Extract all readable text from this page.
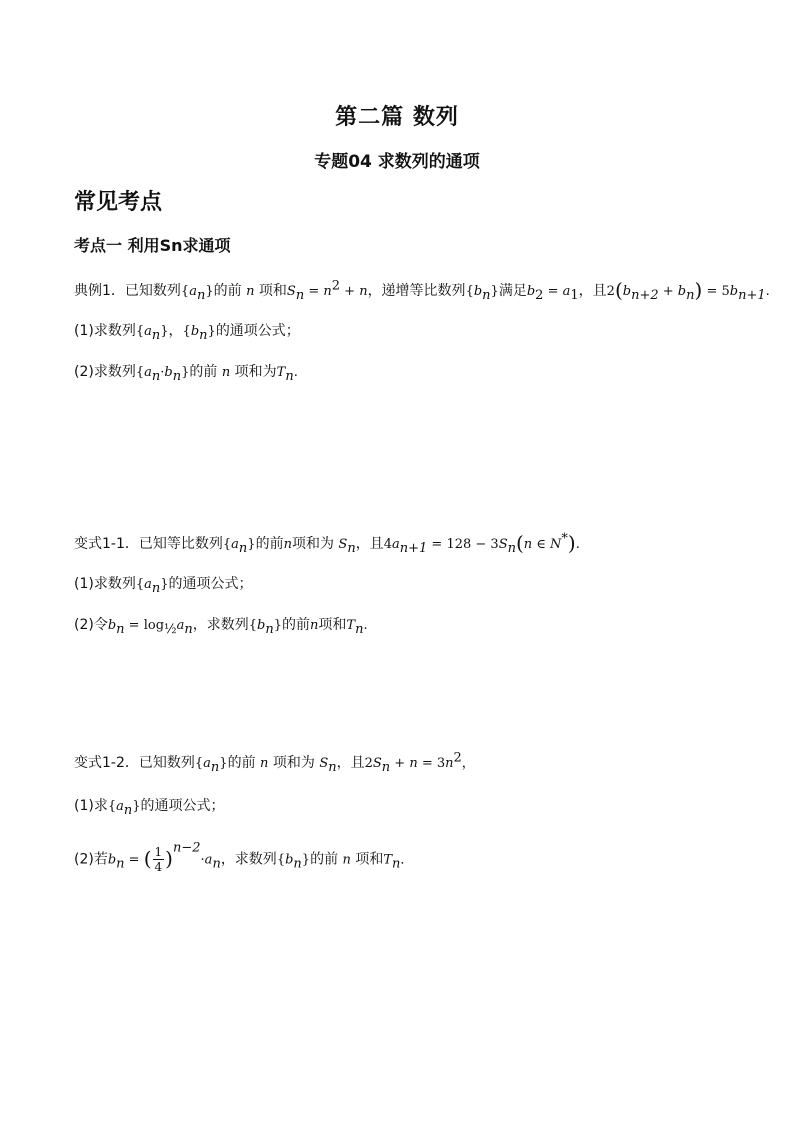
第二篇 数列
专题04 求数列的通项
常见考点
考点一 利用Sn求通项
典例1．已知数列$\{a_n\}$的前 n 项和$S_n = n^2 + n$，递增等比数列$\{b_n\}$满足$b_2 = a_1$，且$2(b_{n+2} + b_n) = 5b_{n+1}$.
(1)求数列$\{a_n\}$，$\{b_n\}$的通项公式；
(2)求数列$\{a_n\cdot b_n\}$的前 n 项和为$T_n$.
变式1-1．已知等比数列$\{a_n\}$的前n项和为 $S_n$，且$4a_{n+1} = 128 - 3S_n(n$ ∈ N*).
(1)求数列$\{a_n\}$的通项公式；
(2)令$b_n = \log_{\frac{1}{2}}a_n$，求数列$\{b_n\}$的前n项和$T_n$.
变式1-2．已知数列$\{a_n\}$的前 n 项和为 $S_n$，且$2S_n + n = 3n^2$，
(1)求$\{a_n\}$的通项公式；
(2)若$b_n$ = ( $\frac{1}{4} )^{n-2}\cdot a_n$，求数列$\{b_n\}$的前 n 项和$T_n$．
